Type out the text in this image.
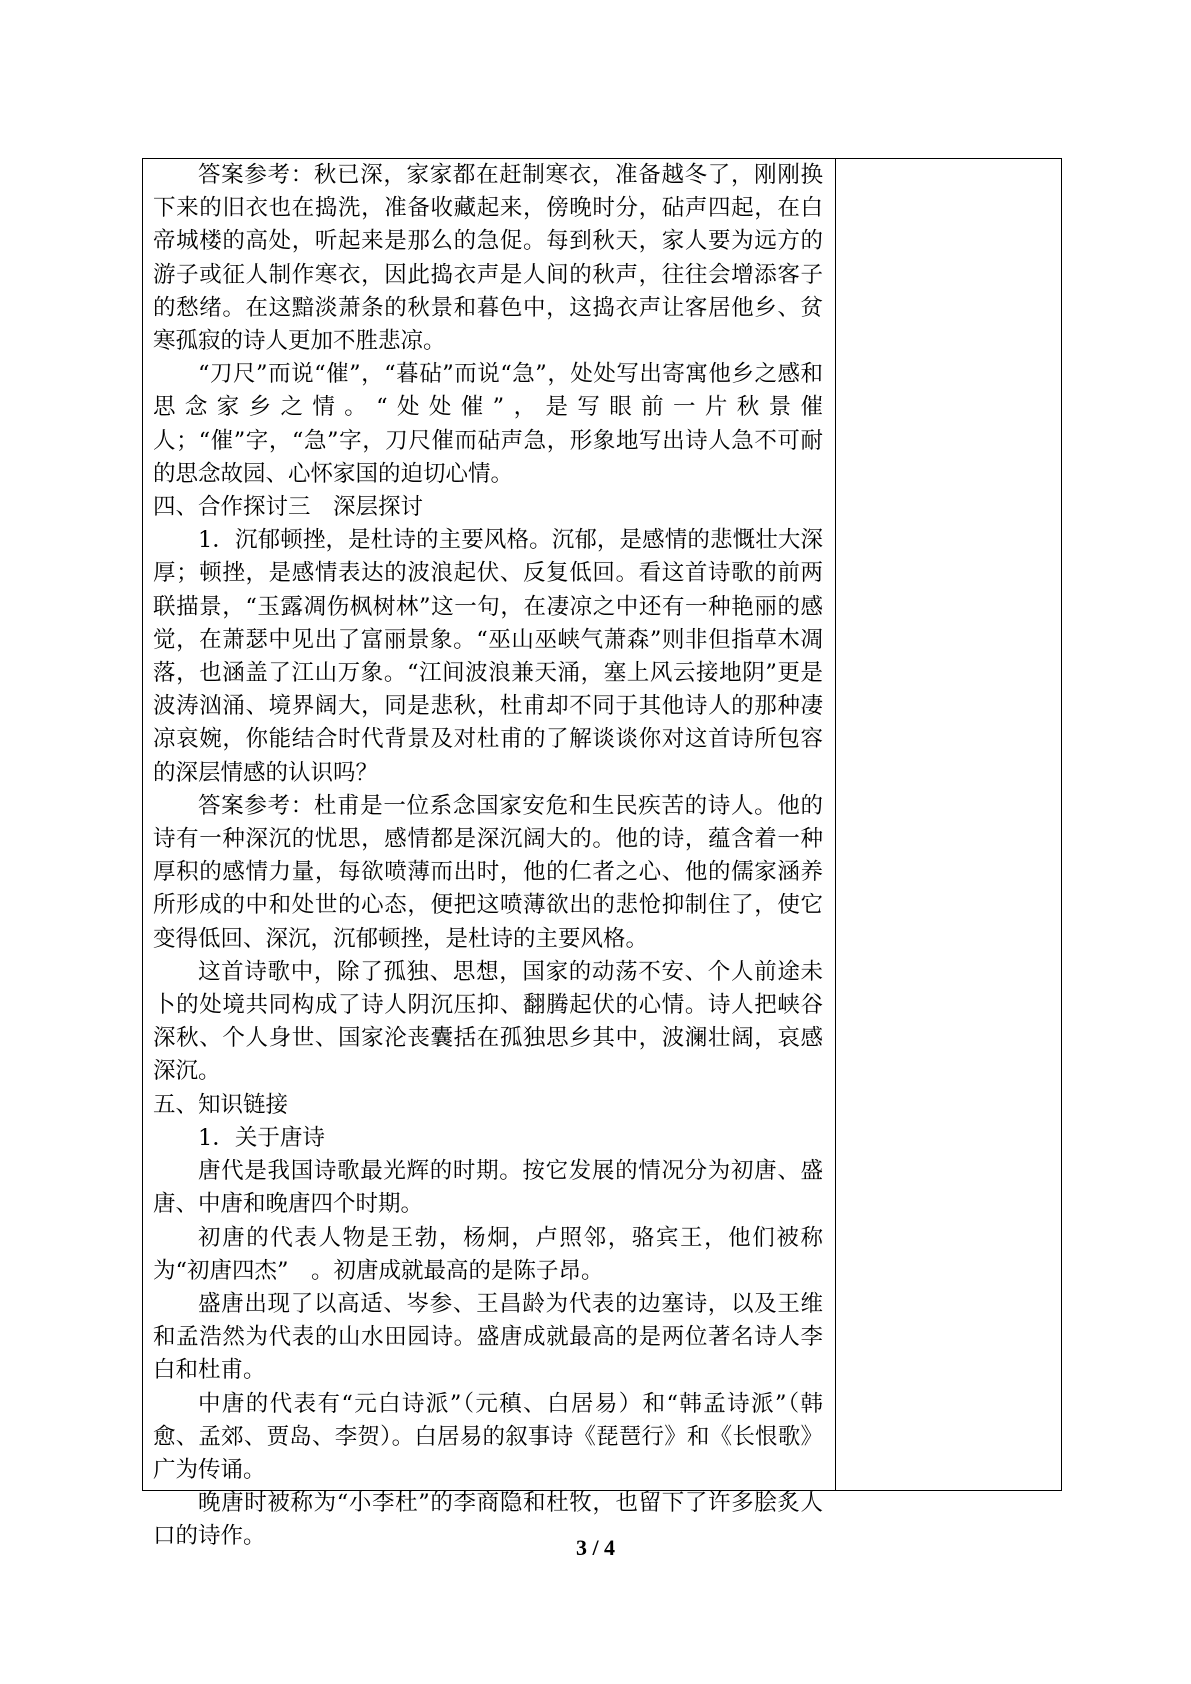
答案参考：秋已深，家家都在赶制寒衣，准备越冬了，刚刚换下来的旧衣也在捣洗，准备收藏起来，傍晚时分，砧声四起，在白帝城楼的高处，听起来是那么的急促。每到秋天，家人要为远方的游子或征人制作寒衣，因此捣衣声是人间的秋声，往往会增添客子的愁绪。在这黯淡萧条的秋景和暮色中，这捣衣声让客居他乡、贫寒孤寂的诗人更加不胜悲凉。

“刀尺”而说“催”，“暮砧”而说“急”，处处写出寄寓他乡之感和思念家乡之情。“处处催”，是写眼前一片秋景催人；“催”字，“急”字，刀尺催而砧声急，形象地写出诗人急不可耐的思念故园、心怀家国的迫切心情。

四、合作探讨三　深层探讨

1．沉郁顿挫，是杜诗的主要风格。沉郁，是感情的悲慨壮大深厚；顿挫，是感情表达的波浪起伏、反复低回。看这首诗歌的前两联描景，“玉露凋伤枫树林”这一句，在凄凉之中还有一种艳丽的感觉，在萧瑟中见出了富丽景象。“巫山巫峡气萧森”则非但指草木凋落，也涵盖了江山万象。“江间波浪兼天涌，塞上风云接地阴”更是波涛汹涌、境界阔大，同是悲秋，杜甫却不同于其他诗人的那种凄凉哀婉，你能结合时代背景及对杜甫的了解谈谈你对这首诗所包容的深层情感的认识吗？

答案参考：杜甫是一位系念国家安危和生民疾苦的诗人。他的诗有一种深沉的忧思，感情都是深沉阔大的。他的诗，蕴含着一种厚积的感情力量，每欲喷薄而出时，他的仁者之心、他的儒家涵养所形成的中和处世的心态，便把这喷薄欲出的悲怆抑制住了，使它变得低回、深沉，沉郁顿挫，是杜诗的主要风格。

这首诗歌中，除了孤独、思想，国家的动荡不安、个人前途未卜的处境共同构成了诗人阴沉压抑、翻腾起伏的心情。诗人把峡谷深秋、个人身世、国家沦丧囊括在孤独思乡其中，波澜壮阔，哀感深沉。

五、知识链接

1．关于唐诗

唐代是我国诗歌最光辉的时期。按它发展的情况分为初唐、盛唐、中唐和晚唐四个时期。

初唐的代表人物是王勃，杨炯，卢照邻，骆宾王，他们被称为“初唐四杰”　。初唐成就最高的是陈子昂。

盛唐出现了以高适、岑参、王昌龄为代表的边塞诗，以及王维和孟浩然为代表的山水田园诗。盛唐成就最高的是两位著名诗人李白和杜甫。

中唐的代表有“元白诗派”（元稹、白居易）和“韩孟诗派”（韩愈、孟郊、贾岛、李贺）。白居易的叙事诗《琵琶行》和《长恨歌》广为传诵。

晚唐时被称为“小李杜”的李商隐和杜牧，也留下了许多脍炙人口的诗作。	3 / 4
